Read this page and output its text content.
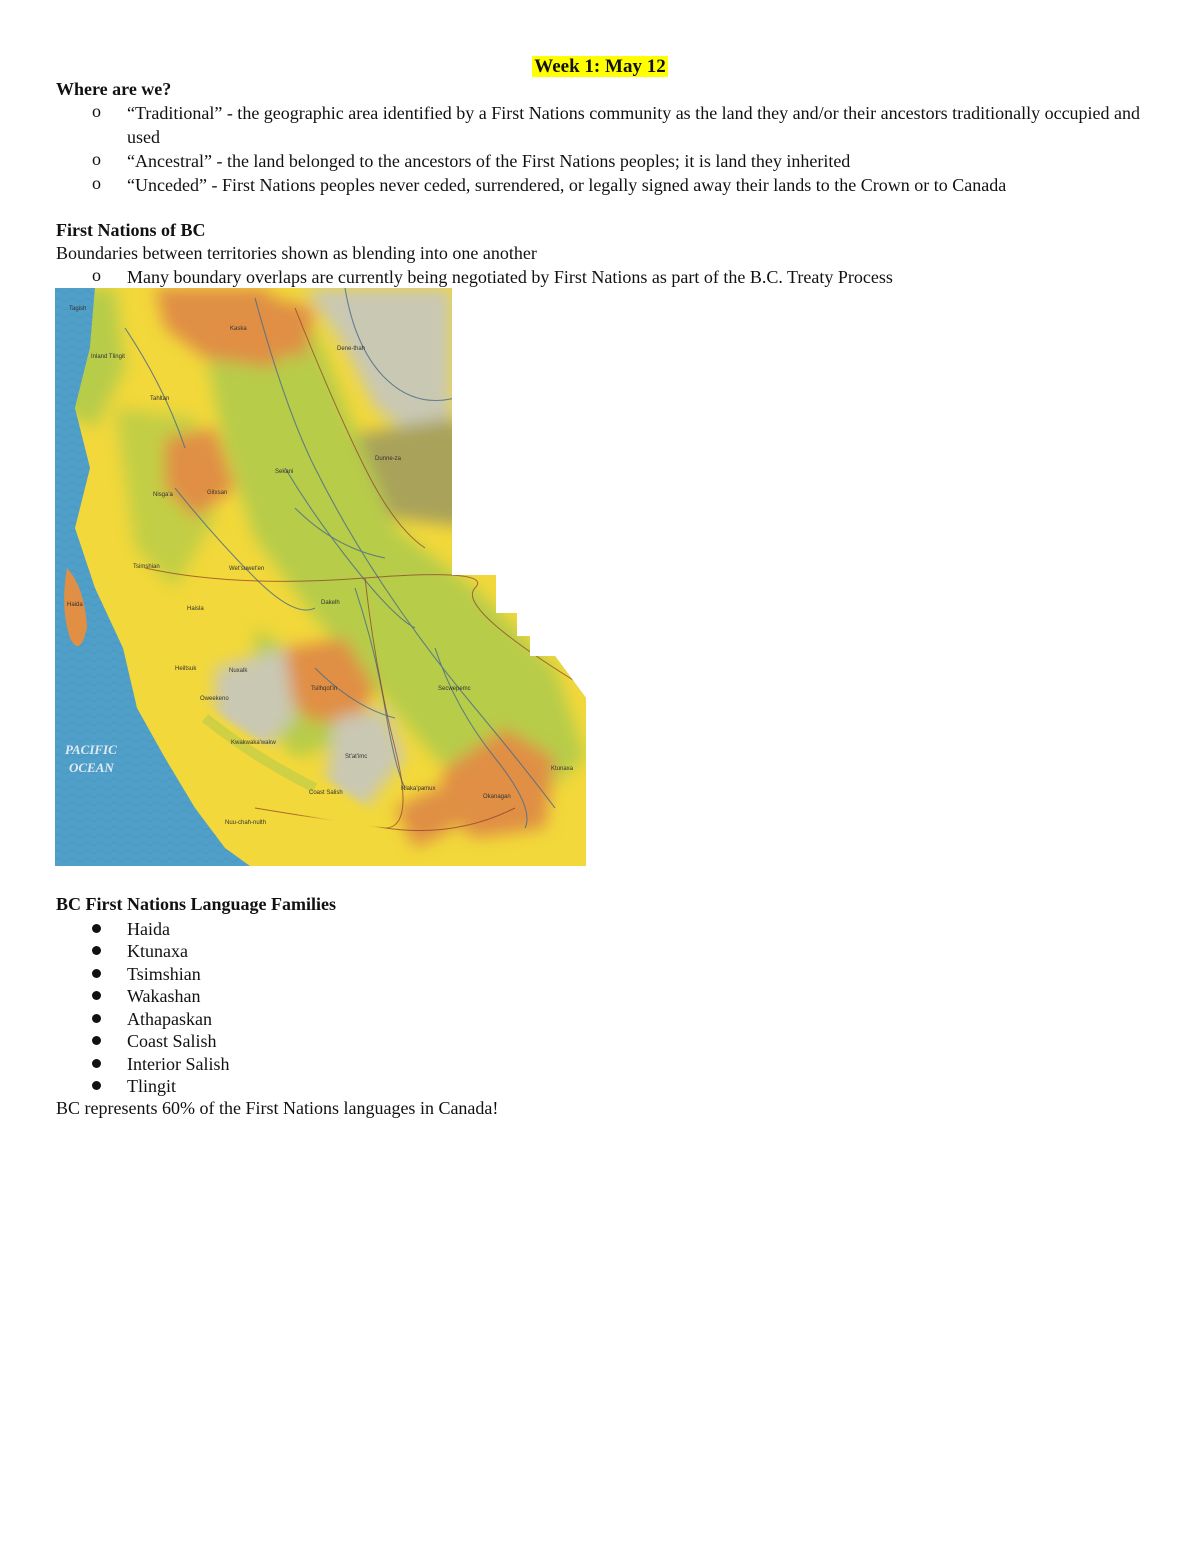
Week 1: May 12
Where are we?
o	“Traditional” - the geographic area identified by a First Nations community as the land they and/or their ancestors traditionally occupied and used
o	“Ancestral” - the land belonged to the ancestors of the First Nations peoples; it is land they inherited
o	“Unceded” - First Nations peoples never ceded, surrendered, or legally signed away their lands to the Crown or to Canada
First Nations of BC
Boundaries between territories shown as blending into one another
o	Many boundary overlaps are currently being negotiated by First Nations as part of the B.C. Treaty Process
Tagish
Inland Tlingit
Kaska
Dene-thah
Tahltan
Dunne-za
Sekani
Nisga'a	Gitxsan
Tsimshian
Haida
Wet'suwet'en
Dakelh
Haisla
Nuxalk
Heiltsuk
Tsilhqot'in	Secwepemc
Oweekeno
Kwakwaka'wakw
St'at'imc
Nlaka'pamux
Ktunaxa
Okanagan
Coast Salish
Nuu-chah-nulth
PACIFIC
OCEAN
BC First Nations Language Families
Haida
Ktunaxa
Tsimshian
Wakashan
Athapaskan
Coast Salish
Interior Salish
Tlingit
BC represents 60% of the First Nations languages in Canada!
